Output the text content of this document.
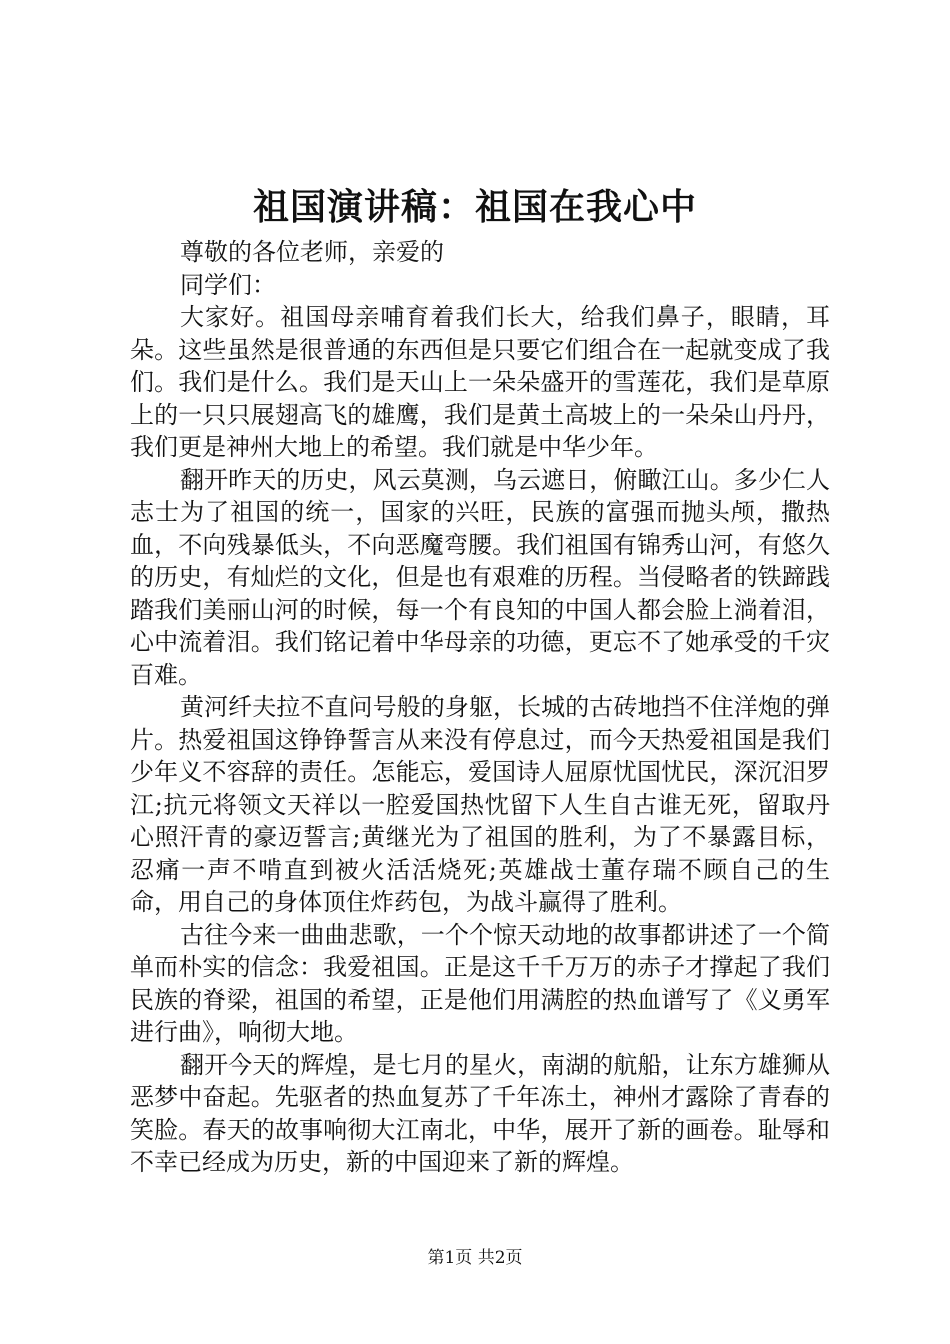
祖国演讲稿：祖国在我心中

尊敬的各位老师，亲爱的

同学们：

大家好。祖国母亲哺育着我们长大，给我们鼻子，眼睛，耳朵。这些虽然是很普通的东西但是只要它们组合在一起就变成了我们。我们是什么。我们是天山上一朵朵盛开的雪莲花，我们是草原上的一只只展翅高飞的雄鹰，我们是黄土高坡上的一朵朵山丹丹，我们更是神州大地上的希望。我们就是中华少年。

翻开昨天的历史，风云莫测，乌云遮日，俯瞰江山。多少仁人志士为了祖国的统一，国家的兴旺，民族的富强而抛头颅，撒热血，不向残暴低头，不向恶魔弯腰。我们祖国有锦秀山河，有悠久的历史，有灿烂的文化，但是也有艰难的历程。当侵略者的铁蹄践踏我们美丽山河的时候，每一个有良知的中国人都会脸上淌着泪，心中流着泪。我们铭记着中华母亲的功德，更忘不了她承受的千灾百难。

黄河纤夫拉不直问号般的身躯，长城的古砖地挡不住洋炮的弹片。热爱祖国这铮铮誓言从来没有停息过，而今天热爱祖国是我们少年义不容辞的责任。怎能忘，爱国诗人屈原忧国忧民，深沉汨罗江;抗元将领文天祥以一腔爱国热忱留下人生自古谁无死，留取丹心照汗青的豪迈誓言;黄继光为了祖国的胜利，为了不暴露目标，忍痛一声不啃直到被火活活烧死;英雄战士董存瑞不顾自己的生命，用自己的身体顶住炸药包，为战斗赢得了胜利。

古往今来一曲曲悲歌，一个个惊天动地的故事都讲述了一个简单而朴实的信念：我爱祖国。正是这千千万万的赤子才撑起了我们民族的脊梁，祖国的希望，正是他们用满腔的热血谱写了《义勇军进行曲》，响彻大地。

翻开今天的辉煌，是七月的星火，南湖的航船，让东方雄狮从恶梦中奋起。先驱者的热血复苏了千年冻土，神州才露除了青春的笑脸。春天的故事响彻大江南北，中华，展开了新的画卷。耻辱和不幸已经成为历史，新的中国迎来了新的辉煌。

第1页 共2页
